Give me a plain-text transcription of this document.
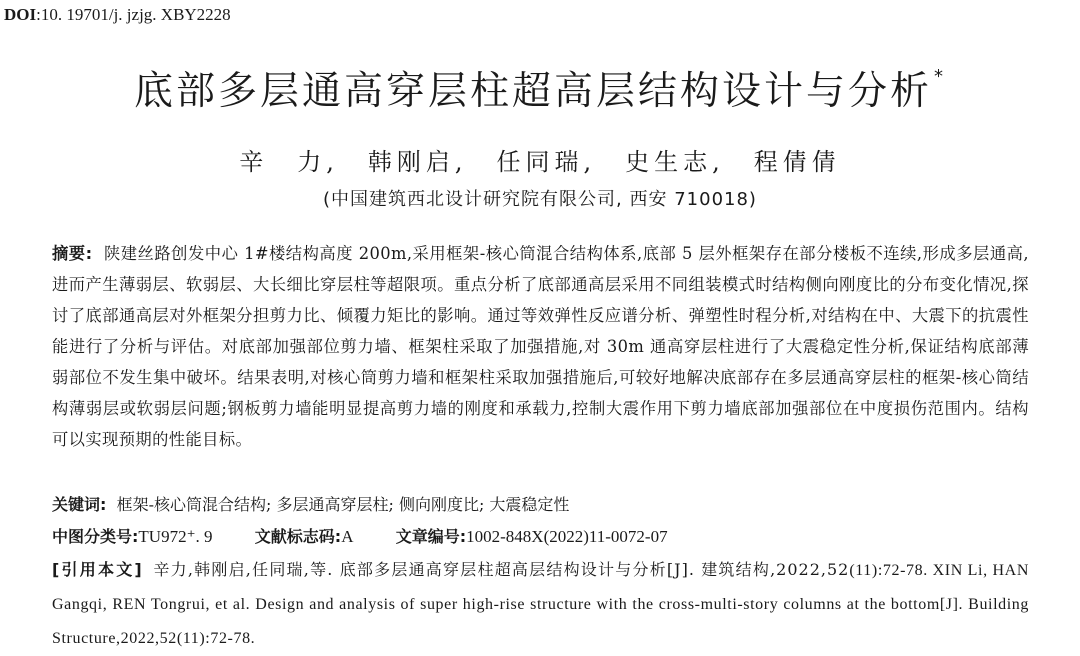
DOI:10. 19701/j. jzjg. XBY2228
底部多层通高穿层柱超高层结构设计与分析 *
辛　力,　韩刚启,　任同瑞,　史生志,　程倩倩
(中国建筑西北设计研究院有限公司, 西安 710018)
摘要: 陕建丝路创发中心 1#楼结构高度 200m,采用框架-核心筒混合结构体系,底部 5 层外框架存在部分楼板不连续,形成多层通高,进而产生薄弱层、软弱层、大长细比穿层柱等超限项。重点分析了底部通高层采用不同组装模式时结构侧向刚度比的分布变化情况,探讨了底部通高层对外框架分担剪力比、倾覆力矩比的影响。通过等效弹性反应谱分析、弹塑性时程分析,对结构在中、大震下的抗震性能进行了分析与评估。对底部加强部位剪力墙、框架柱采取了加强措施,对 30m 通高穿层柱进行了大震稳定性分析,保证结构底部薄弱部位不发生集中破坏。结果表明,对核心筒剪力墙和框架柱采取加强措施后,可较好地解决底部存在多层通高穿层柱的框架-核心筒结构薄弱层或软弱层问题;钢板剪力墙能明显提高剪力墙的刚度和承载力,控制大震作用下剪力墙底部加强部位在中度损伤范围内。结构可以实现预期的性能目标。
关键词: 框架-核心筒混合结构; 多层通高穿层柱; 侧向刚度比; 大震稳定性
中图分类号:TU972⁺. 9	文献标志码:A	文章编号:1002-848X(2022)11-0072-07
[引用本文] 辛力,韩刚启,任同瑞,等. 底部多层通高穿层柱超高层结构设计与分析[J]. 建筑结构,2022,52(11):72-78. XIN Li, HAN Gangqi, REN Tongrui, et al. Design and analysis of super high-rise structure with the cross-multi-story columns at the bottom[J]. Building Structure,2022,52(11):72-78.
